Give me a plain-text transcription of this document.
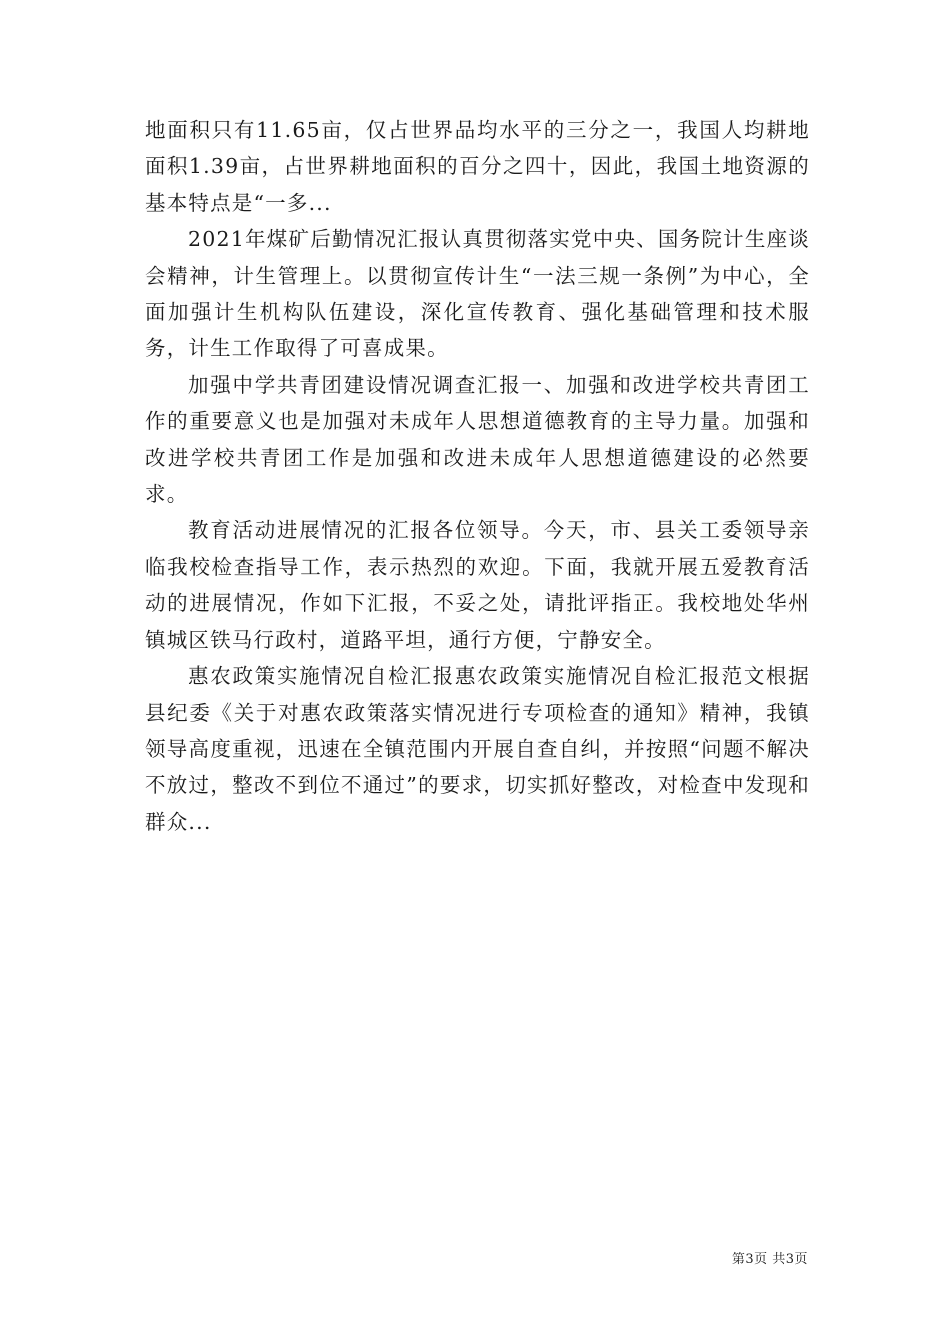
地面积只有11.65亩，仅占世界品均水平的三分之一，我国人均耕地面积1.39亩，占世界耕地面积的百分之四十，因此，我国土地资源的基本特点是“一多...

2021年煤矿后勤情况汇报认真贯彻落实党中央、国务院计生座谈会精神，计生管理上。以贯彻宣传计生“一法三规一条例”为中心，全面加强计生机构队伍建设，深化宣传教育、强化基础管理和技术服务，计生工作取得了可喜成果。

加强中学共青团建设情况调查汇报一、加强和改进学校共青团工作的重要意义也是加强对未成年人思想道德教育的主导力量。加强和改进学校共青团工作是加强和改进未成年人思想道德建设的必然要求。

教育活动进展情况的汇报各位领导。今天，市、县关工委领导亲临我校检查指导工作，表示热烈的欢迎。下面，我就开展五爱教育活动的进展情况，作如下汇报，不妥之处，请批评指正。我校地处华州镇城区铁马行政村，道路平坦，通行方便，宁静安全。

惠农政策实施情况自检汇报惠农政策实施情况自检汇报范文根据县纪委《关于对惠农政策落实情况进行专项检查的通知》精神，我镇领导高度重视，迅速在全镇范围内开展自查自纠，并按照“问题不解决不放过，整改不到位不通过”的要求，切实抓好整改，对检查中发现和群众...

第3页 共3页
